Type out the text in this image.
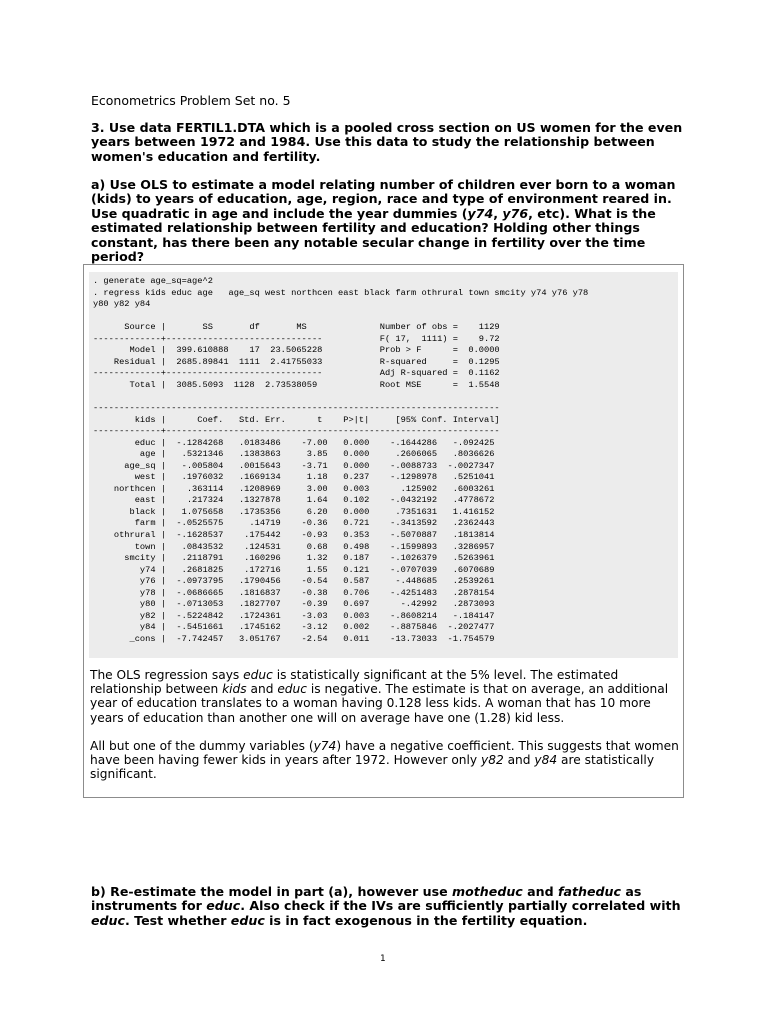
Econometrics Problem Set no. 5
3. Use data FERTIL1.DTA which is a pooled cross section on US women for the even years between 1972 and 1984. Use this data to study the relationship between women's education and fertility.
a) Use OLS to estimate a model relating number of children ever born to a woman (kids) to years of education, age, region, race and type of environment reared in. Use quadratic in age and include the year dummies (y74, y76, etc). What is the estimated relationship between fertility and education? Holding other things constant, has there been any notable secular change in fertility over the time period?
. generate age_sq=age^2
. regress kids educ age   age_sq west northcen east black farm othrural town smcity y74 y76 y78
y80 y82 y84
Source |       SS       df       MS              Number of obs =    1129
-------------+------------------------------           F( 17,  1111) =    9.72
Model |  399.610888    17  23.5065228           Prob > F      =  0.0000
Residual |  2685.89841  1111  2.41755033           R-squared     =  0.1295
-------------+------------------------------           Adj R-squared =  0.1162
Total |  3085.5093  1128  2.73538059            Root MSE      =  1.5548
------------------------------------------------------------------------------
kids |      Coef.   Std. Err.      t    P>|t|     [95% Conf. Interval]
-------------+----------------------------------------------------------------
educ |  -.1284268   .0183486    -7.00   0.000    -.1644286   -.092425
age |   .5321346   .1383863     3.85   0.000     .2606065   .8036626
age_sq |   -.005804   .0015643    -3.71   0.000    -.0088733  -.0027347
west |   .1976032   .1669134     1.18   0.237    -.1298978   .5251041
northcen |    .363114   .1208969     3.00   0.003      .125902   .6003261
east |    .217324   .1327878     1.64   0.102    -.0432192   .4778672
black |   1.075658   .1735356     6.20   0.000     .7351631   1.416152
farm |  -.0525575     .14719    -0.36   0.721    -.3413592   .2362443
othrural |  -.1628537    .175442    -0.93   0.353    -.5070887   .1813814
town |   .0843532    .124531     0.68   0.498    -.1599893   .3286957
smcity |   .2118791    .160296     1.32   0.187    -.1026379   .5263961
y74 |   .2681825    .172716     1.55   0.121    -.0707039   .6070689
y76 |  -.0973795   .1790456    -0.54   0.587     -.448685   .2539261
y78 |  -.0686665   .1816837    -0.38   0.706    -.4251483   .2878154
y80 |  -.0713053   .1827707    -0.39   0.697      -.42992   .2873093
y82 |  -.5224842   .1724361    -3.03   0.003    -.8608214   -.184147
y84 |  -.5451661   .1745162    -3.12   0.002    -.8875846  -.2027477
_cons |  -7.742457   3.051767    -2.54   0.011    -13.73033  -1.754579
The OLS regression says educ is statistically significant at the 5% level. The estimated relationship between kids and educ is negative. The estimate is that on average, an additional year of education translates to a woman having 0.128 less kids. A woman that has 10 more years of education than another one will on average have one (1.28) kid less.
All but one of the dummy variables (y74) have a negative coefficient. This suggests that women have been having fewer kids in years after 1972. However only y82 and y84 are statistically significant.
b) Re-estimate the model in part (a), however use motheduc and fatheduc as instruments for educ. Also check if the IVs are sufficiently partially correlated with educ. Test whether educ is in fact exogenous in the fertility equation.
1
